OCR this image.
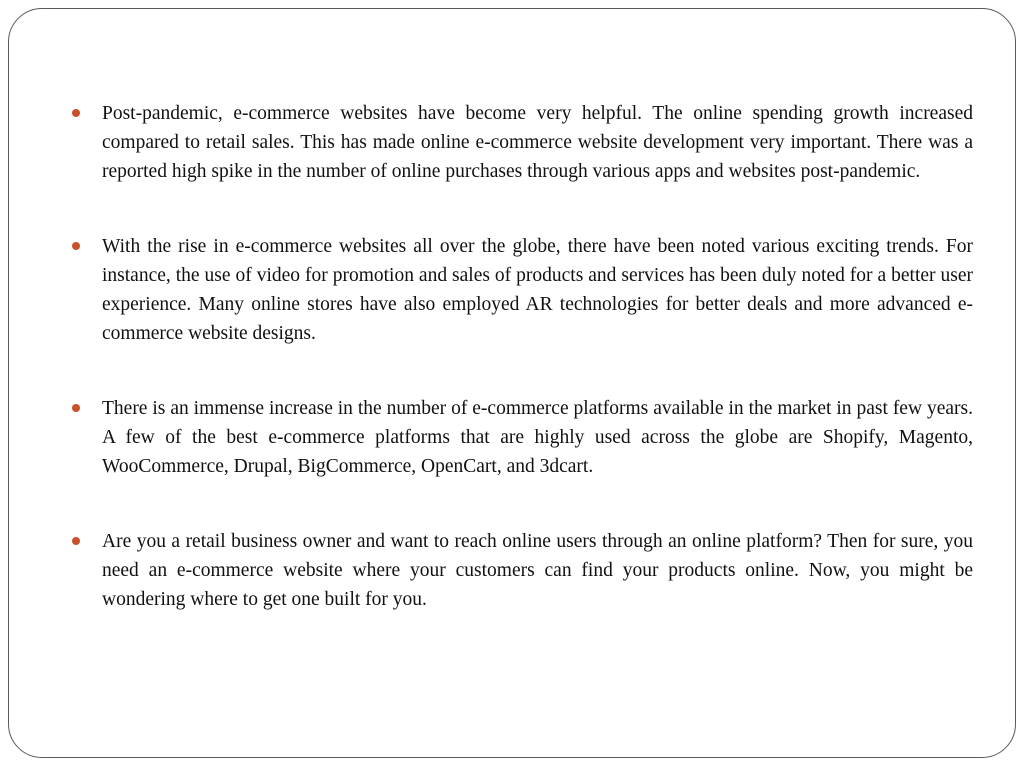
Post-pandemic, e-commerce websites have become very helpful. The online spending growth increased compared to retail sales. This has made online e-commerce website development very important. There was a reported high spike in the number of online purchases through various apps and websites post-pandemic.
With the rise in e-commerce websites all over the globe, there have been noted various exciting trends. For instance, the use of video for promotion and sales of products and services has been duly noted for a better user experience. Many online stores have also employed AR technologies for better deals and more advanced e-commerce website designs.
There is an immense increase in the number of e-commerce platforms available in the market in past few years. A few of the best e-commerce platforms that are highly used across the globe are Shopify, Magento, WooCommerce, Drupal, BigCommerce, OpenCart, and 3dcart.
Are you a retail business owner and want to reach online users through an online platform? Then for sure, you need an e-commerce website where your customers can find your products online. Now, you might be wondering where to get one built for you.
